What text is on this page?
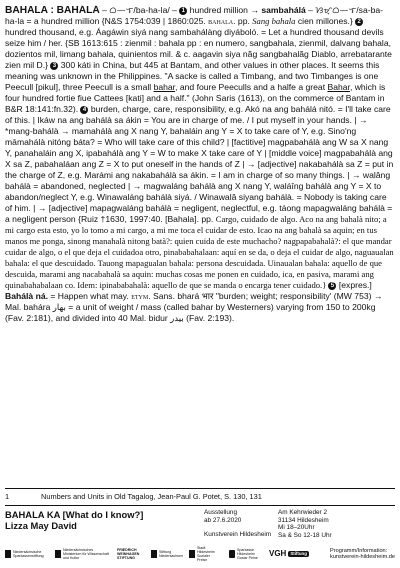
BAHALA : BAHÁLÁ – ᜊᜑᜎ/ba-ha-la/ – 1 hundred million → sambahálá – ᜐᜋ᜔ᜊᜑᜎ/sa-ba-ha-la = a hundred million {N&S 1754:039 | 1860:025. bahala. pp. Sang bahala cien millones.} 2 hundred thousand, e.g. Áagáwin siyá nang sambahálàng diyáboló. = Let a hundred thousand devils seize him / her. {SB 1613:615 : zienmil : bahala pp : en numero, sangbahala, zienmil, dalvang bahala, dozientos mil, limang bahala, quinientos mil. & c. aagavin siya nãg sangbahalãg Diablo, arrebatarante zien mil D.} 3 300 káti in China, but 445 at Bantam, and other values in other places. It seems this meaning was unknown in the Philippines. "A sacke is called a Timbang, and two Timbanges is one Peecull [pikul], three Peecull is a small bahar, and foure Peeculls and a halfe a great Bahar, which is four hundred fortie fiue Cattees [kati] and a half." (John Saris (1613), on the commerce of Bantam in B&R 18:141:fn.32). 4 burden, charge, care, responsibility, e.g. Akó na ang bahálá nitó. = I'll take care of this. | Ikáw na ang bahálà sa ákin = You are in charge of me. / I put myself in your hands. | → *mang-bahálà → mamahálà ang X nang Y, bahaláin ang Y = X to take care of Y, e.g. Sino'ng māmahálà nitóng báta? = Who will take care of this child? | [factitive] magpabahálà ang W sa X nang Y, panahaláin ang X, ipabahálà ang Y = W to make X take care of Y | [middle voice] magpabahálà ang X sa Z, pabahaláan ang Z = X to put oneself in the hands of Z | → [adjective] nakabahálà sa Z = put in the charge of Z, e.g. Marámi ang nakabahálà sa ákin. = I am in charge of so many things. | → walâng bahálà = abandoned, neglected | → magwaláng bahálà ang X nang Y, waláîng bahálà ang Y = X to abandon/neglect Y, e.g. Winawaláng bahálà siyá. / Winawalâ siyang bahálà. = Nobody is taking care of him. | → [adjective] mapagwaláng bahálà = negligent, neglectful, e.g. táong mapagwaláng bahálà = a negligent person {Ruiz †1630, 1997:40. [Bahala]. pp. Cargo, cuidado de algo. Aco na ang bahalà nito; a mi cargo esta esto, yo lo tomo a mi cargo, a mi me toca el cuidar de esto. Icao na ang bahalà sa aquin; en tus manos me ponga, sinong manahalà nitong batà?: quien cuida de este muchacho? nagpapabahalà?: el que mandar cuidar de algo, o el que deja el cuidadoa otro, pinababahalaan: aquí en se da, o deja el cuidar de algo, naguaualan bahala: el que descuidado. Tauong mapagualan bahala: persona descuidada. Uinaualan bahala: aquello de que descuida, marami ang nacabahalà sa aquin: muchas cosas me ponen en cuidado, ica, en pasiva, marami ang quinabahabalaan co. Idem: ipinababahalà: aquello de que se manda o encarga tener cuidado.} 5 [expres.] Bahálà ná. = Happen what may. etym. Sans. bhará भार "burden; weight; responsibility' (MW 753) → Mal. bahára بهار = a unit of weight / mass (called bahar by Westerners) varying from 150 to 200kg (Fav. 2:181), and divided into 40 Mal. bidur بيدر (Fav. 2:193).
1	Numbers and Units in Old Tagalog, Jean-Paul G. Potet, S. 130, 131
BAHALA KA [What do I know?]
Lizza May David
Ausstellung
ab 27.6.2020
Kunstverein Hildesheim
Am Kehrwieder 2
31134 Hildesheim
Mi 18–20Uhr
Sa & So 12-18 Uhr
Niedersächsische Sparkassenstiftung
Niedersächsisches Ministerium für Wissenschaft und Kultur
FRIEDRICH WEINHAGEN STIFTUNG
Stiftung Niedersachsen
Stadt Hildesheim Sozialer Preise
Sparkasse Hildesheim Goslar Peine	VGH Stiftung	Programm/Information:
kunstverein-hildesheim.de
